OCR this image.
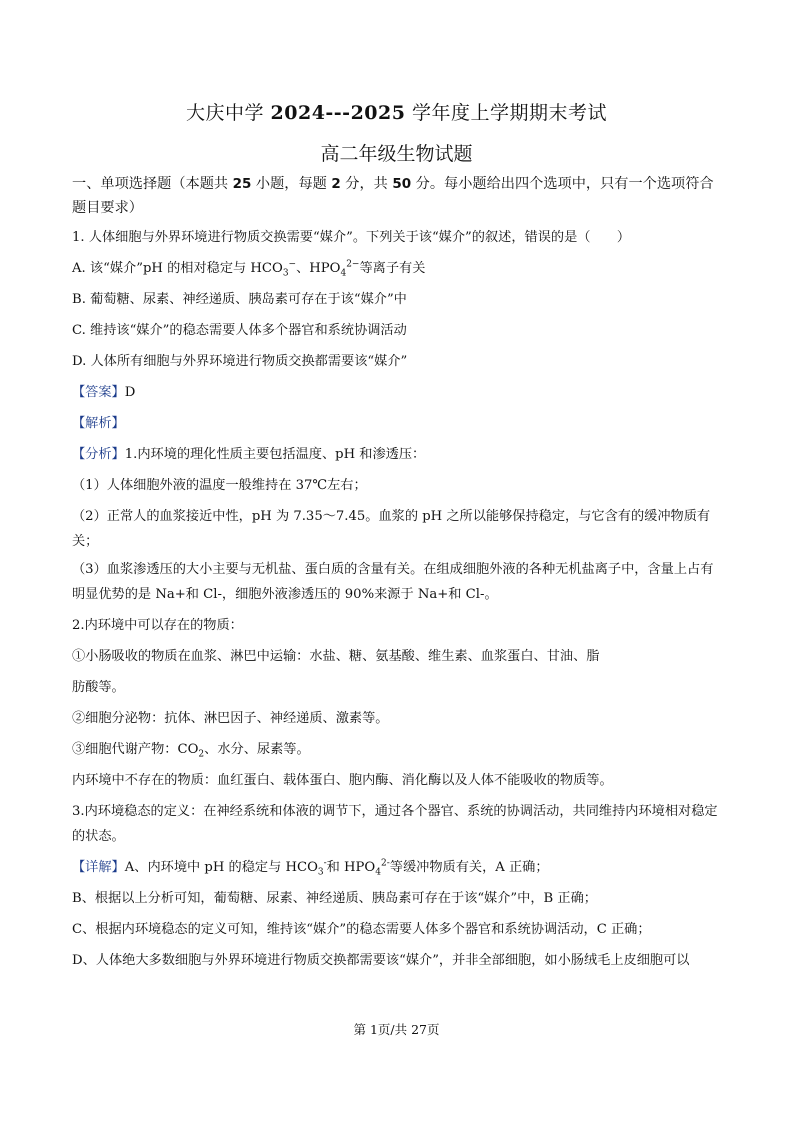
大庆中学 2024---2025 学年度上学期期末考试
高二年级生物试题

一、单项选择题（本题共 25 小题，每题 2 分，共 50 分。每小题给出四个选项中，只有一个选项符合题目要求）

1. 人体细胞与外界环境进行物质交换需要“媒介”。下列关于该“媒介”的叙述，错误的是（　　）

A. 该“媒介”pH 的相对稳定与 $HCO_3^-$、$HPO_4^{2-}$等离子有关

B. 葡萄糖、尿素、神经递质、胰岛素可存在于该“媒介”中

C. 维持该“媒介”的稳态需要人体多个器官和系统协调活动

D. 人体所有细胞与外界环境进行物质交换都需要该“媒介”

【答案】D

【解析】

【分析】1.内环境的理化性质主要包括温度、pH 和渗透压：

（1）人体细胞外液的温度一般维持在 37℃左右；

（2）正常人的血浆接近中性，pH 为 7.35～7.45。血浆的 pH 之所以能够保持稳定，与它含有的缓冲物质有关；

（3）血浆渗透压的大小主要与无机盐、蛋白质的含量有关。在组成细胞外液的各种无机盐离子中，含量上占有明显优势的是 Na+和 Cl-，细胞外液渗透压的 90%来源于 Na+和 Cl-。

2.内环境中可以存在的物质：

①小肠吸收的物质在血浆、淋巴中运输：水盐、糖、氨基酸、维生素、血浆蛋白、甘油、脂

肪酸等。

②细胞分泌物：抗体、淋巴因子、神经递质、激素等。

③细胞代谢产物：$CO_2$、水分、尿素等。

内环境中不存在的物质：血红蛋白、载体蛋白、胞内酶、消化酶以及人体不能吸收的物质等。

3.内环境稳态的定义：在神经系统和体液的调节下，通过各个器官、系统的协调活动，共同维持内环境相对稳定的状态。

【详解】A、内环境中 pH 的稳定与 $HCO_3^-$和 $HPO_4^{2-}$等缓冲物质有关，A 正确；

B、根据以上分析可知，葡萄糖、尿素、神经递质、胰岛素可存在于该“媒介”中，B 正确；

C、根据内环境稳态的定义可知，维持该“媒介”的稳态需要人体多个器官和系统协调活动，C 正确；

D、人体绝大多数细胞与外界环境进行物质交换都需要该“媒介”，并非全部细胞，如小肠绒毛上皮细胞可以

第 1页/共 27页
